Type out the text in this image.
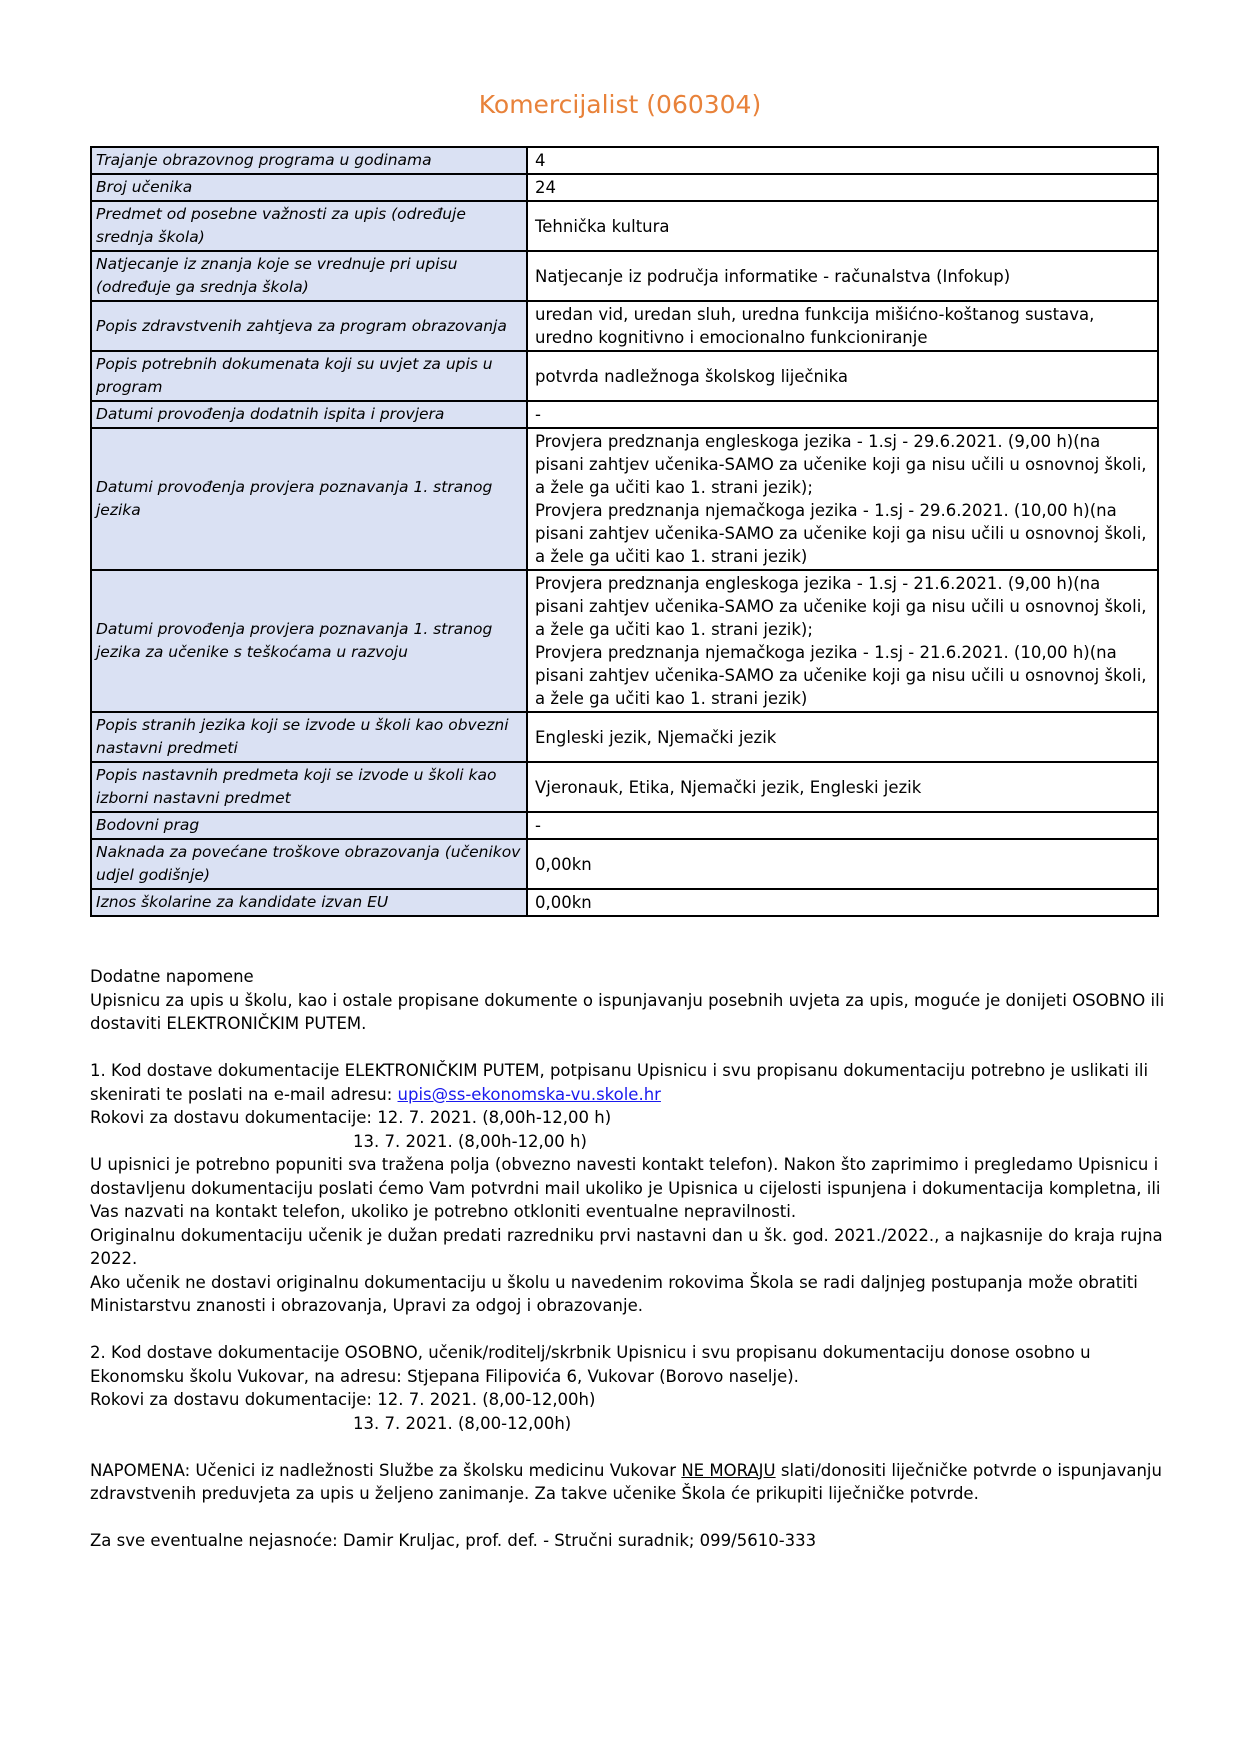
Komercijalist (060304)
Trajanje obrazovnog programa u godinama	4

Broj učenika	24

Predmet od posebne važnosti za upis (određuje srednja škola)	Tehnička kultura

Natjecanje iz znanja koje se vrednuje pri upisu (određuje ga srednja škola)	Natjecanje iz područja informatike - računalstva (Infokup)

Popis zdravstvenih zahtjeva za program obrazovanja	uredan vid, uredan sluh, uredna funkcija mišićno-koštanog sustava, uredno kognitivno i emocionalno funkcioniranje

Popis potrebnih dokumenata koji su uvjet za upis u program	potvrda nadležnoga školskog liječnika

Datumi provođenja dodatnih ispita i provjera	-

Datumi provođenja provjera poznavanja 1. stranog jezika	Provjera predznanja engleskoga jezika - 1.sj - 29.6.2021. (9,00 h)(na pisani zahtjev učenika-SAMO za učenike koji ga nisu učili u osnovnoj školi, a žele ga učiti kao 1. strani jezik);
Provjera predznanja njemačkoga jezika - 1.sj - 29.6.2021. (10,00 h)(na pisani zahtjev učenika-SAMO za učenike koji ga nisu učili u osnovnoj školi, a žele ga učiti kao 1. strani jezik)

Datumi provođenja provjera poznavanja 1. stranog jezika za učenike s teškoćama u razvoju	Provjera predznanja engleskoga jezika - 1.sj - 21.6.2021. (9,00 h)(na pisani zahtjev učenika-SAMO za učenike koji ga nisu učili u osnovnoj školi, a žele ga učiti kao 1. strani jezik);
Provjera predznanja njemačkoga jezika - 1.sj - 21.6.2021. (10,00 h)(na pisani zahtjev učenika-SAMO za učenike koji ga nisu učili u osnovnoj školi, a žele ga učiti kao 1. strani jezik)

Popis stranih jezika koji se izvode u školi kao obvezni nastavni predmeti	Engleski jezik, Njemački jezik

Popis nastavnih predmeta koji se izvode u školi kao izborni nastavni predmet	Vjeronauk, Etika, Njemački jezik, Engleski jezik

Bodovni prag	-

Naknada za povećane troškove obrazovanja (učenikov udjel godišnje)	0,00kn

Iznos školarine za kandidate izvan EU	0,00kn

Dodatne napomene

Upisnicu za upis u školu, kao i ostale propisane dokumente o ispunjavanju posebnih uvjeta za upis, moguće je donijeti OSOBNO ili dostaviti ELEKTRONIČKIM PUTEM.

1. Kod dostave dokumentacije ELEKTRONIČKIM PUTEM, potpisanu Upisnicu i svu propisanu dokumentaciju potrebno je uslikati ili skenirati te poslati na e-mail adresu: upis@ss-ekonomska-vu.skole.hr

Rokovi za dostavu dokumentacije: 12. 7. 2021. (8,00h-12,00 h)

13. 7. 2021. (8,00h-12,00 h)

U upisnici je potrebno popuniti sva tražena polja (obvezno navesti kontakt telefon). Nakon što zaprimimo i pregledamo Upisnicu i dostavljenu dokumentaciju poslati ćemo Vam potvrdni mail ukoliko je Upisnica u cijelosti ispunjena i dokumentacija kompletna, ili Vas nazvati na kontakt telefon, ukoliko je potrebno otkloniti eventualne nepravilnosti.

Originalnu dokumentaciju učenik je dužan predati razredniku prvi nastavni dan u šk. god. 2021./2022., a najkasnije do kraja rujna 2022.

Ako učenik ne dostavi originalnu dokumentaciju u školu u navedenim rokovima Škola se radi daljnjeg postupanja može obratiti Ministarstvu znanosti i obrazovanja, Upravi za odgoj i obrazovanje.

2. Kod dostave dokumentacije OSOBNO, učenik/roditelj/skrbnik Upisnicu i svu propisanu dokumentaciju donose osobno u Ekonomsku školu Vukovar, na adresu: Stjepana Filipovića 6, Vukovar (Borovo naselje).

Rokovi za dostavu dokumentacije: 12. 7. 2021. (8,00-12,00h)

13. 7. 2021. (8,00-12,00h)

NAPOMENA: Učenici iz nadležnosti Službe za školsku medicinu Vukovar NE MORAJU slati/donositi liječničke potvrde o ispunjavanju zdravstvenih preduvjeta za upis u željeno zanimanje. Za takve učenike Škola će prikupiti liječničke potvrde.

Za sve eventualne nejasnoće: Damir Kruljac, prof. def. - Stručni suradnik; 099/5610-333
